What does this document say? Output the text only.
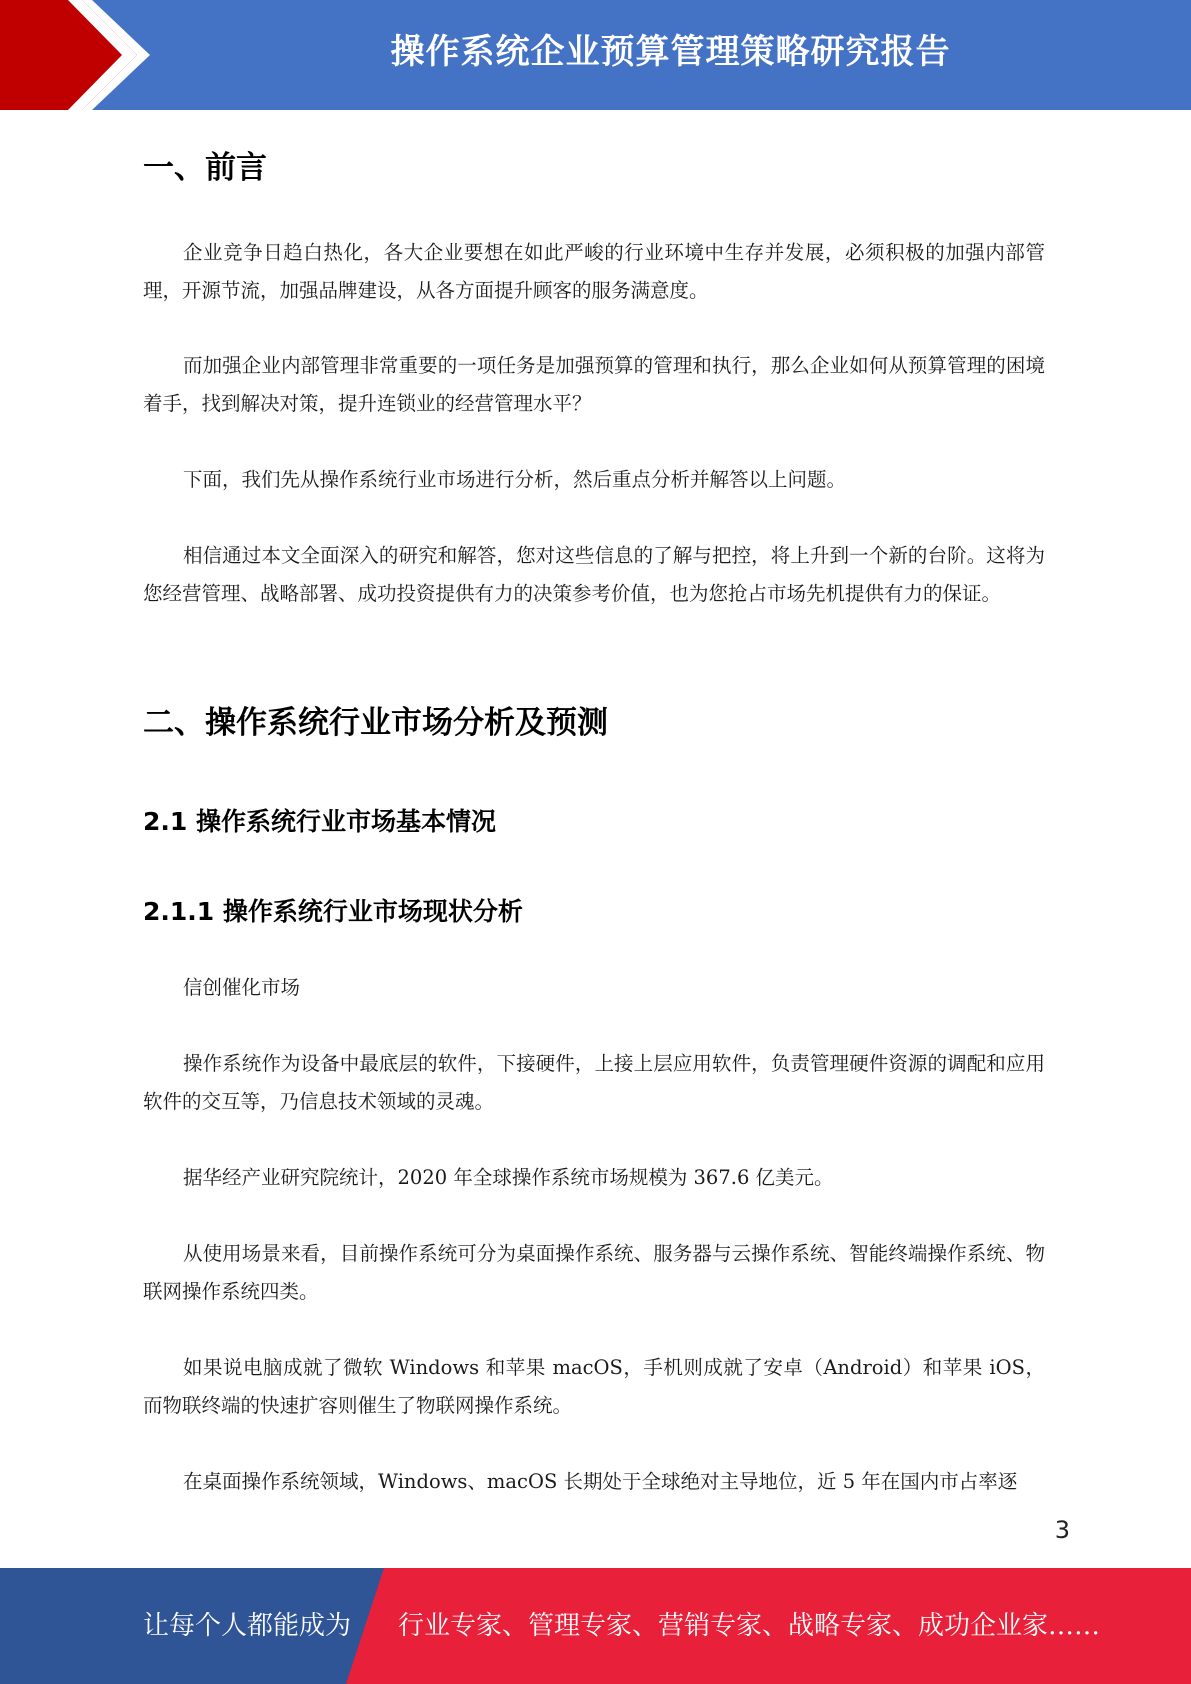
操作系统企业预算管理策略研究报告
一、前言

企业竞争日趋白热化，各大企业要想在如此严峻的行业环境中生存并发展，必须积极的加强内部管理，开源节流，加强品牌建设，从各方面提升顾客的服务满意度。

而加强企业内部管理非常重要的一项任务是加强预算的管理和执行，那么企业如何从预算管理的困境着手，找到解决对策，提升连锁业的经营管理水平？

下面，我们先从操作系统行业市场进行分析，然后重点分析并解答以上问题。

相信通过本文全面深入的研究和解答，您对这些信息的了解与把控，将上升到一个新的台阶。这将为您经营管理、战略部署、成功投资提供有力的决策参考价值，也为您抢占市场先机提供有力的保证。

二、操作系统行业市场分析及预测
2.1 操作系统行业市场基本情况
2.1.1 操作系统行业市场现状分析

信创催化市场

操作系统作为设备中最底层的软件，下接硬件，上接上层应用软件，负责管理硬件资源的调配和应用软件的交互等，乃信息技术领域的灵魂。

据华经产业研究院统计，2020 年全球操作系统市场规模为 367.6 亿美元。

从使用场景来看，目前操作系统可分为桌面操作系统、服务器与云操作系统、智能终端操作系统、物联网操作系统四类。

如果说电脑成就了微软 Windows 和苹果 macOS，手机则成就了安卓（Android）和苹果 iOS，而物联终端的快速扩容则催生了物联网操作系统。

在桌面操作系统领域，Windows、macOS 长期处于全球绝对主导地位，近 5 年在国内市占率逐

3
让每个人都能成为 行业专家、管理专家、营销专家、战略专家、成功企业家……
